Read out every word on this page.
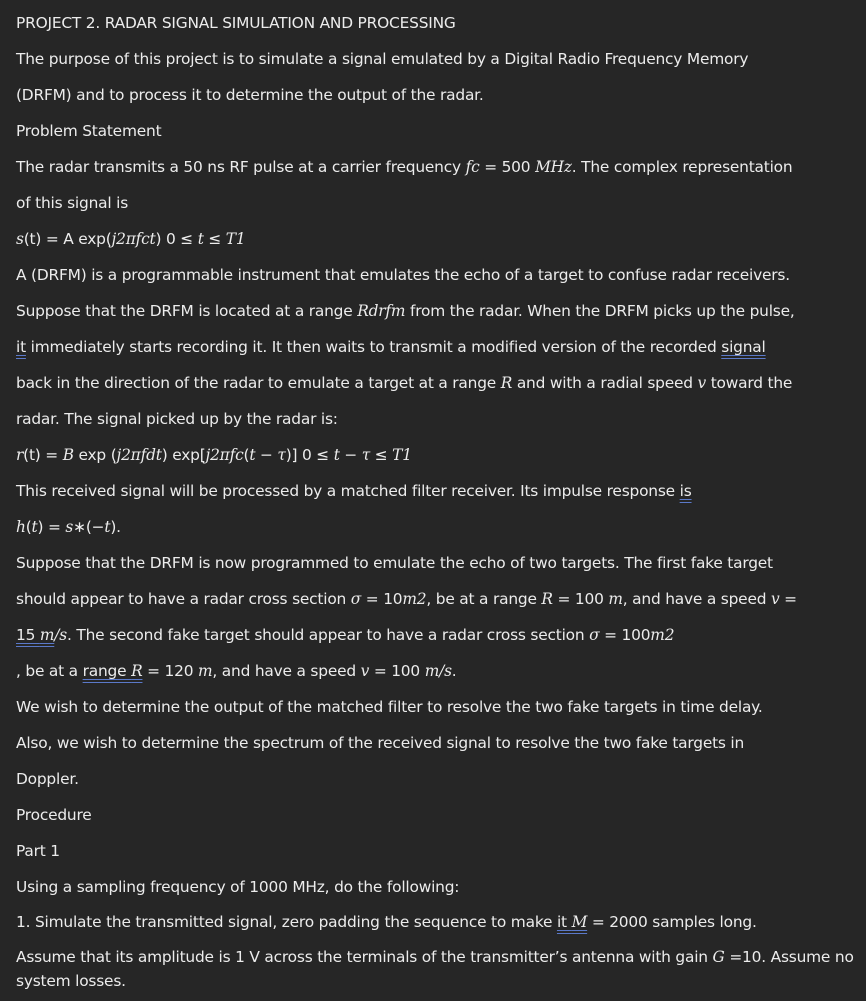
PROJECT 2. RADAR SIGNAL SIMULATION AND PROCESSING
The purpose of this project is to simulate a signal emulated by a Digital Radio Frequency Memory
(DRFM) and to process it to determine the output of the radar.
Problem Statement
The radar transmits a 50 ns RF pulse at a carrier frequency fc = 500 MHz. The complex representation
of this signal is
s(t) = A exp(j2πfct) 0 ≤ t ≤ T1
A (DRFM) is a programmable instrument that emulates the echo of a target to confuse radar receivers.
Suppose that the DRFM is located at a range Rdrfm from the radar. When the DRFM picks up the pulse,
it immediately starts recording it. It then waits to transmit a modified version of the recorded signal
back in the direction of the radar to emulate a target at a range R and with a radial speed v toward the
radar. The signal picked up by the radar is:
r(t) = B exp (j2πfdt) exp[j2πfc(t − τ)] 0 ≤ t − τ ≤ T1
This received signal will be processed by a matched filter receiver. Its impulse response is
h(t) = s∗(−t).
Suppose that the DRFM is now programmed to emulate the echo of two targets. The first fake target
should appear to have a radar cross section σ = 10m2, be at a range R = 100 m, and have a speed v =
15 m/s. The second fake target should appear to have a radar cross section σ = 100m2
, be at a range R = 120 m, and have a speed v = 100 m/s.
We wish to determine the output of the matched filter to resolve the two fake targets in time delay.
Also, we wish to determine the spectrum of the received signal to resolve the two fake targets in
Doppler.
Procedure
Part 1
Using a sampling frequency of 1000 MHz, do the following:
1. Simulate the transmitted signal, zero padding the sequence to make it M = 2000 samples long.
Assume that its amplitude is 1 V across the terminals of the transmitter’s antenna with gain G =10. Assume no system losses.
